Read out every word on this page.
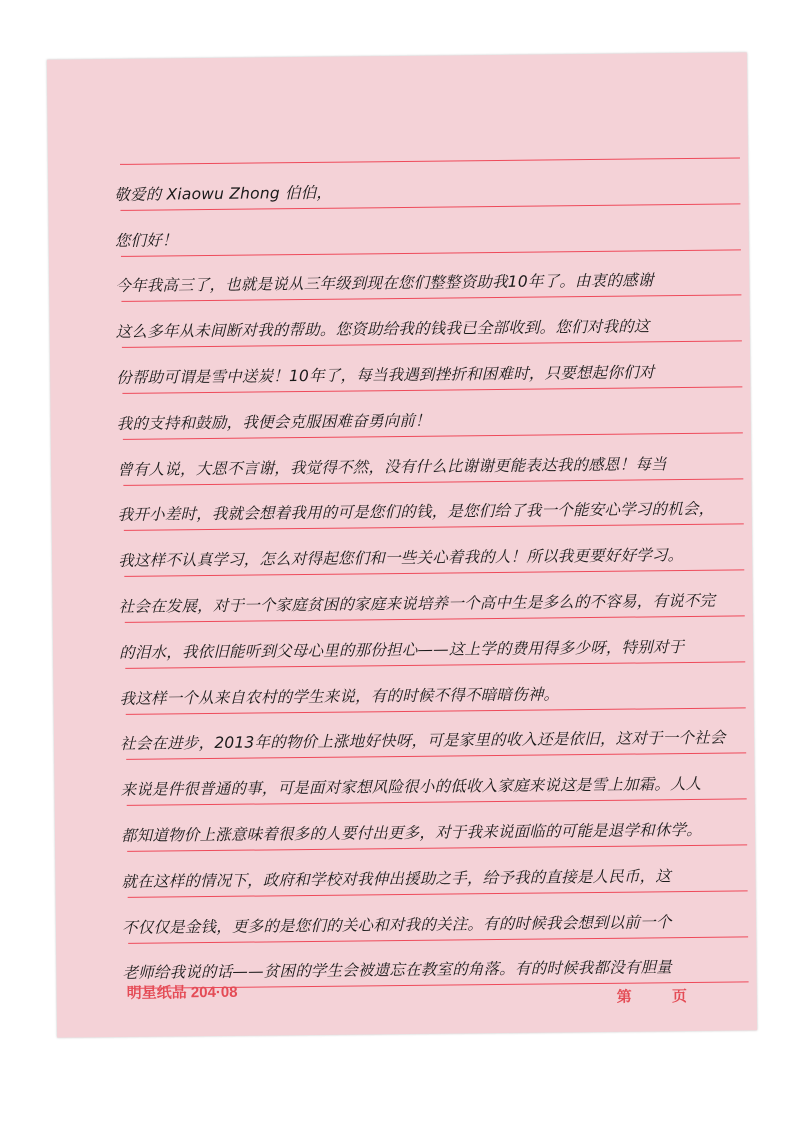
敬爱的 Xiaowu Zhong 伯伯，
您们好！
今年我高三了，也就是说从三年级到现在您们整整资助我10年了。由衷的感谢
这么多年从未间断对我的帮助。您资助给我的钱我已全部收到。您们对我的这
份帮助可谓是雪中送炭！10年了，每当我遇到挫折和困难时，只要想起你们对
我的支持和鼓励，我便会克服困难奋勇向前！
曾有人说，大恩不言谢，我觉得不然，没有什么比谢谢更能表达我的感恩！每当
我开小差时，我就会想着我用的可是您们的钱，是您们给了我一个能安心学习的机会，
我这样不认真学习，怎么对得起您们和一些关心着我的人！所以我更要好好学习。
社会在发展，对于一个家庭贫困的家庭来说培养一个高中生是多么的不容易，有说不完
的泪水，我依旧能听到父母心里的那份担心——这上学的费用得多少呀，特别对于
我这样一个从来自农村的学生来说，有的时候不得不暗暗伤神。
社会在进步，2013年的物价上涨地好快呀，可是家里的收入还是依旧，这对于一个社会
来说是件很普通的事，可是面对家想风险很小的低收入家庭来说这是雪上加霜。人人
都知道物价上涨意味着很多的人要付出更多，对于我来说面临的可能是退学和休学。
就在这样的情况下，政府和学校对我伸出援助之手，给予我的直接是人民币，这
不仅仅是金钱，更多的是您们的关心和对我的关注。有的时候我会想到以前一个
老师给我说的话——贫困的学生会被遗忘在教室的角落。有的时候我都没有胆量
明星纸品 204·08	第 页
